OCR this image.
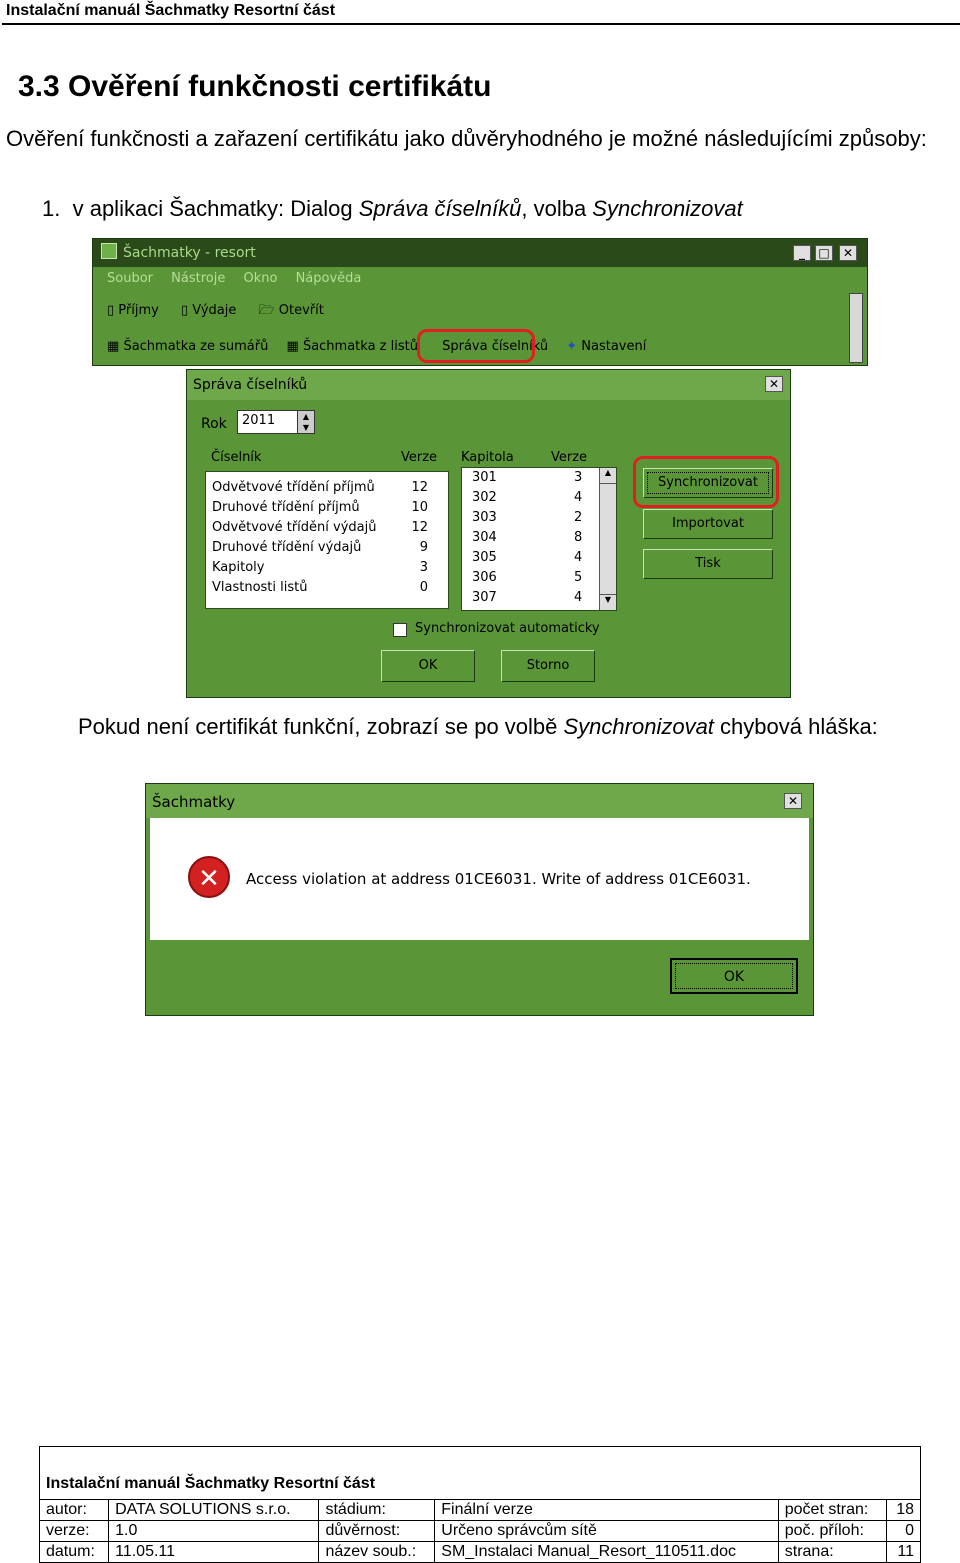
Instalační manuál Šachmatky Resortní část
3.3 Ověření funkčnosti certifikátu
Ověření funkčnosti a zařazení certifikátu jako důvěryhodného je možné následujícími způsoby:
1. v aplikaci Šachmatky: Dialog Správa číselníků, volba Synchronizovat
Šachmatky - resort	_	□	✕
Soubor Nástroje Okno Nápověda
▯ Příjmy ▯ Výdaje 🗁 Otevřít
▦ Šachmatka ze sumářů ▦ Šachmatka z listů Správa číselníků ✦ Nastavení
Správa číselníků	✕
Rok	2011	▲
▼
Číselník	Verze Kapitola	Verze
Odvětvové třídění příjmů	12
Druhové třídění příjmů	10
Odvětvové třídění výdajů	12
Druhové třídění výdajů	9
Kapitoly	3
Vlastnosti listů	0
▲
▼
301	3
302	4
303	2
304	8
305	4
306	5
307	4
Synchronizovat
Importovat
Tisk
Synchronizovat automaticky
OK	Storno
Pokud není certifikát funkční, zobrazí se po volbě Synchronizovat chybová hláška:
Šachmatky	✕
✕	Access violation at address 01CE6031. Write of address 01CE6031.
OK
Instalační manuál Šachmatky Resortní část					
autor:	DATA SOLUTIONS s.r.o.	stádium:	Finální verze	počet stran:	18
verze:	1.0	důvěrnost:	Určeno správcům sítě	poč. příloh:	0
datum:	11.05.11	název soub.:	SM_Instalaci Manual_Resort_110511.doc	strana:	11
